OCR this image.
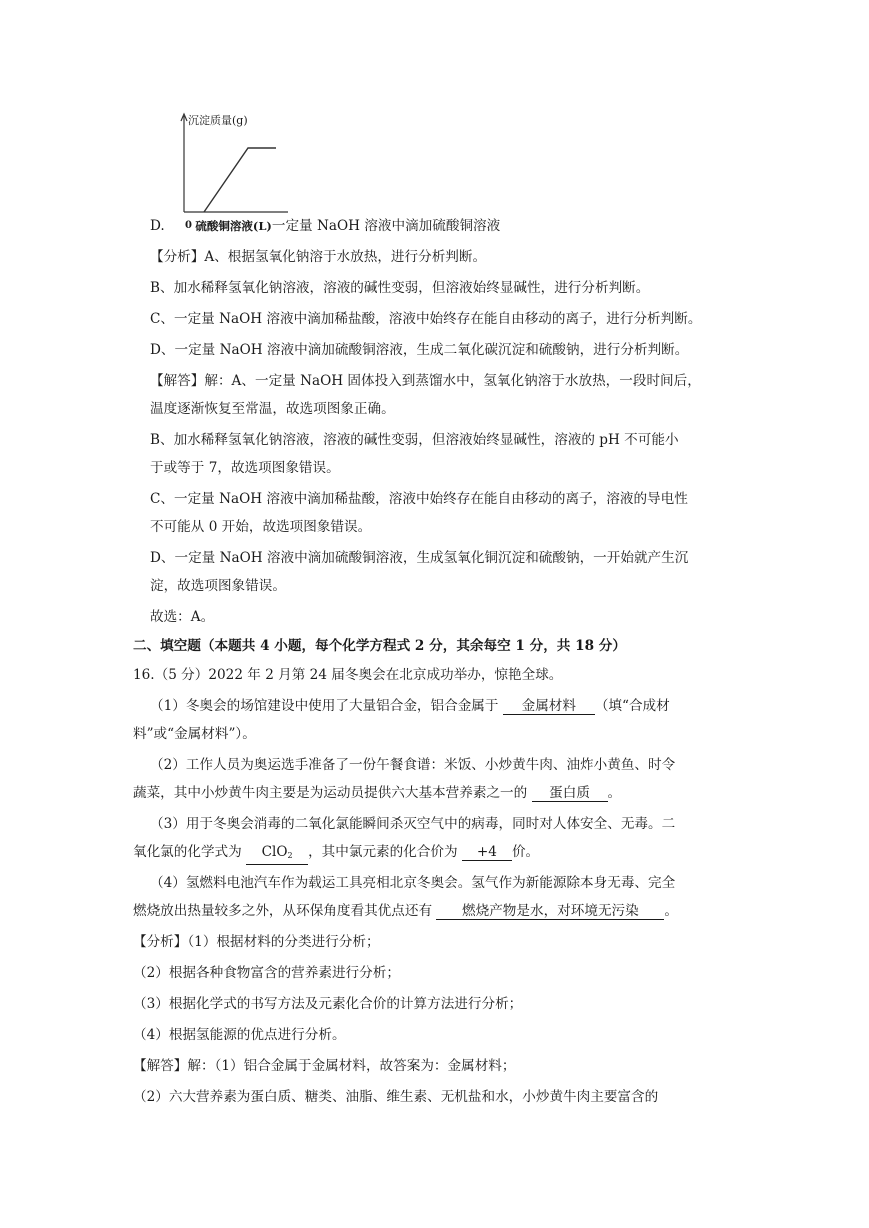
沉淀质量(g)
0
D.	硫酸铜溶液(L)一定量 NaOH 溶液中滴加硫酸铜溶液
【分析】A、根据氢氧化钠溶于水放热，进行分析判断。
B、加水稀释氢氧化钠溶液，溶液的碱性变弱，但溶液始终显碱性，进行分析判断。
C、一定量 NaOH 溶液中滴加稀盐酸，溶液中始终存在能自由移动的离子，进行分析判断。
D、一定量 NaOH 溶液中滴加硫酸铜溶液，生成二氧化碳沉淀和硫酸钠，进行分析判断。
【解答】解：A、一定量 NaOH 固体投入到蒸馏水中，氢氧化钠溶于水放热，一段时间后，
温度逐渐恢复至常温，故选项图象正确。
B、加水稀释氢氧化钠溶液，溶液的碱性变弱，但溶液始终显碱性，溶液的 pH 不可能小
于或等于 7，故选项图象错误。
C、一定量 NaOH 溶液中滴加稀盐酸，溶液中始终存在能自由移动的离子，溶液的导电性
不可能从 0 开始，故选项图象错误。
D、一定量 NaOH 溶液中滴加硫酸铜溶液，生成氢氧化铜沉淀和硫酸钠，一开始就产生沉
淀，故选项图象错误。
故选：A。
二、填空题（本题共 4 小题，每个化学方程式 2 分，其余每空 1 分，共 18 分）
16.（5 分）2022 年 2 月第 24 届冬奥会在北京成功举办，惊艳全球。
（1）冬奥会的场馆建设中使用了大量铝合金，铝合金属于 金属材料 （填“合成材
料”或“金属材料”）。
（2）工作人员为奥运选手准备了一份午餐食谱：米饭、小炒黄牛肉、油炸小黄鱼、时令
蔬菜，其中小炒黄牛肉主要是为运动员提供六大基本营养素之一的 蛋白质 。
（3）用于冬奥会消毒的二氧化氯能瞬间杀灭空气中的病毒，同时对人体安全、无毒。二
氧化氯的化学式为 ClO$_2$ ，其中氯元素的化合价为 +4 价。
（4）氢燃料电池汽车作为载运工具亮相北京冬奥会。氢气作为新能源除本身无毒、完全
燃烧放出热量较多之外，从环保角度看其优点还有 燃烧产物是水，对环境无污染 。
【分析】（1）根据材料的分类进行分析；
（2）根据各种食物富含的营养素进行分析；
（3）根据化学式的书写方法及元素化合价的计算方法进行分析；
（4）根据氢能源的优点进行分析。
【解答】解：（1）铝合金属于金属材料，故答案为：金属材料；
（2）六大营养素为蛋白质、糖类、油脂、维生素、无机盐和水，小炒黄牛肉主要富含的
